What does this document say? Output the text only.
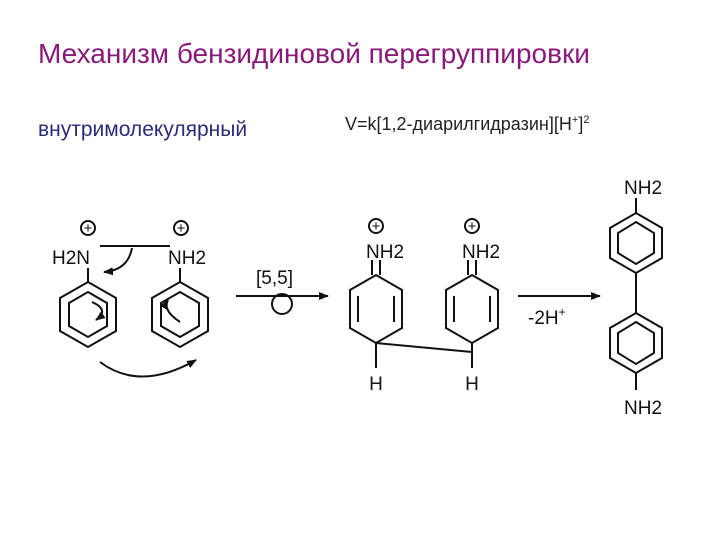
Механизм бензидиновой перегруппировки
внутримолекулярный	$V=k[1,2-диарилгидразин][H^+]^2$
+	+
H2N	NH2
[5,5]
+	+
NH2	NH2
H	H
-2H+
NH2
NH2
